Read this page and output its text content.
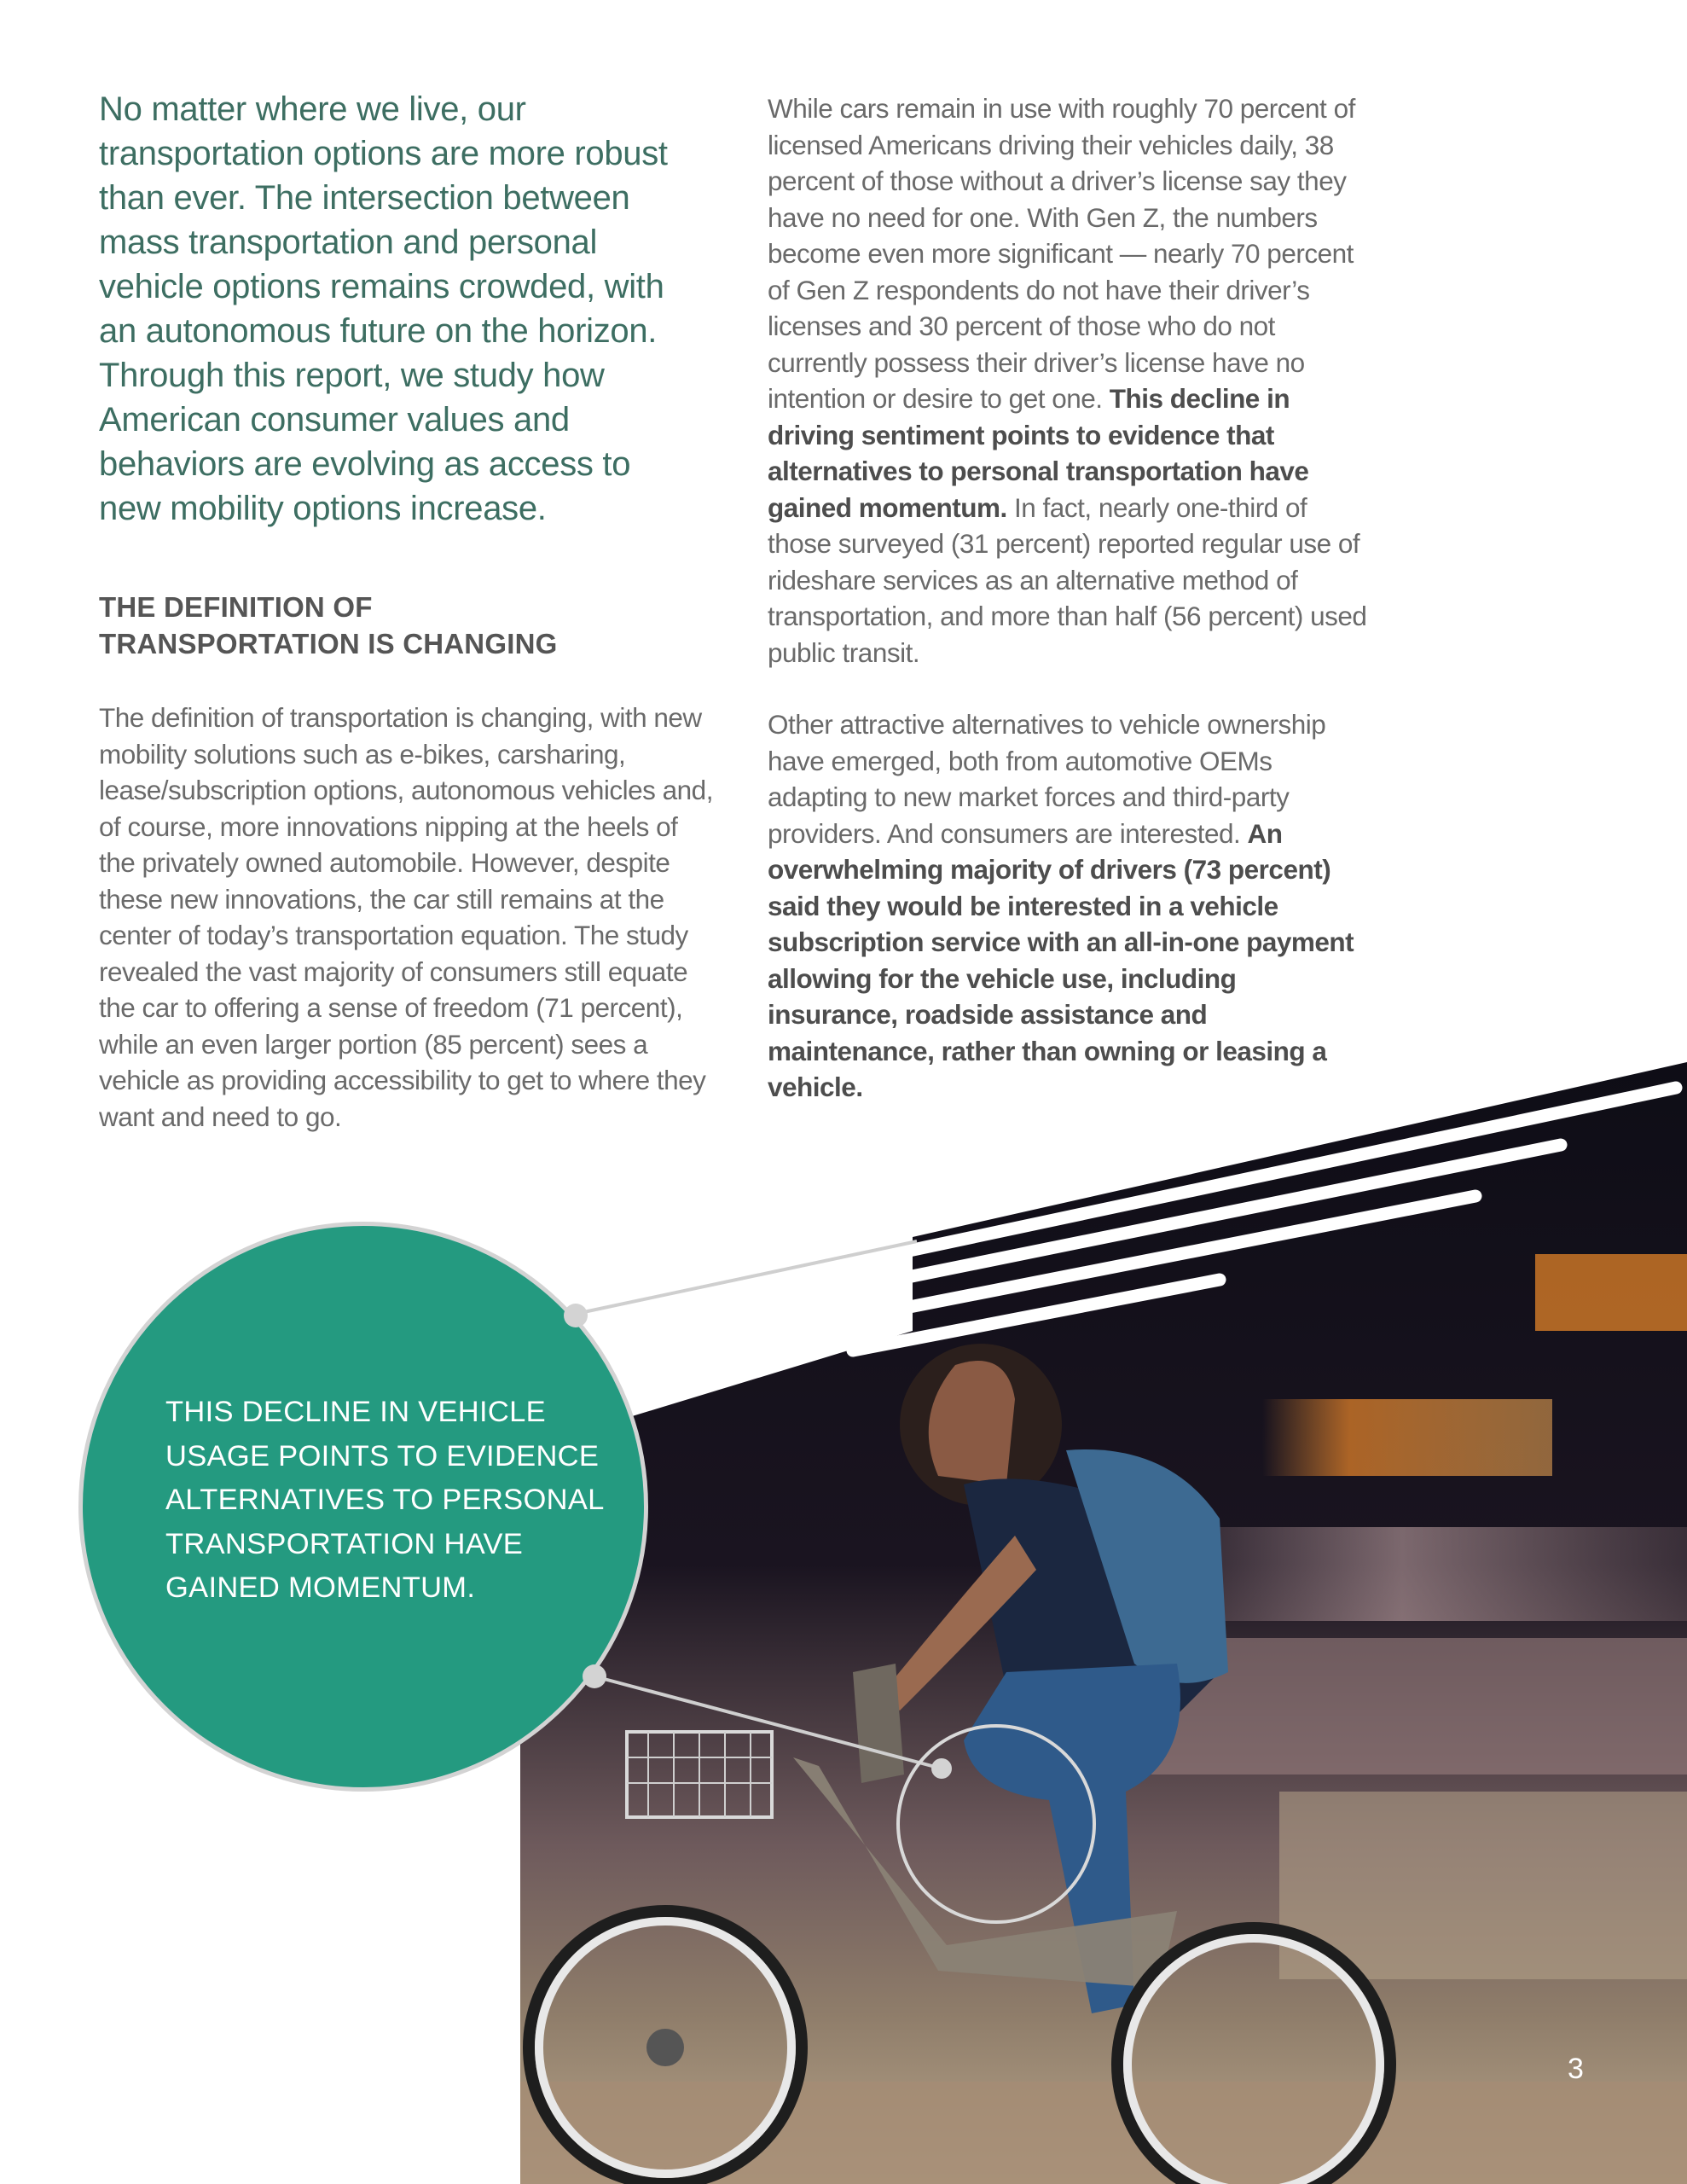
No matter where we live, our transportation options are more robust than ever. The intersection between mass transportation and personal vehicle options remains crowded, with an autonomous future on the horizon. Through this report, we study how American consumer values and behaviors are evolving as access to new mobility options increase.

THE DEFINITION OF
TRANSPORTATION IS CHANGING

The definition of transportation is changing, with new mobility solutions such as e-bikes, carsharing, lease/subscription options, autonomous vehicles and, of course, more innovations nipping at the heels of the privately owned automobile. However, despite these new innovations, the car still remains at the center of today’s transportation equation. The study revealed the vast majority of consumers still equate the car to offering a sense of freedom (71 percent), while an even larger portion (85 percent) sees a vehicle as providing accessibility to get to where they want and need to go.

While cars remain in use with roughly 70 percent of licensed Americans driving their vehicles daily, 38 percent of those without a driver’s license say they have no need for one. With Gen Z, the numbers become even more significant — nearly 70 percent of Gen Z respondents do not have their driver’s licenses and 30 percent of those who do not currently possess their driver’s license have no intention or desire to get one. This decline in driving sentiment points to evidence that alternatives to personal transportation have gained momentum. In fact, nearly one-third of those surveyed (31 percent) reported regular use of rideshare services as an alternative method of transportation, and more than half (56 percent) used public transit.

Other attractive alternatives to vehicle ownership have emerged, both from automotive OEMs adapting to new market forces and third-party providers. And consumers are interested. An overwhelming majority of drivers (73 percent) said they would be interested in a vehicle subscription service with an all-in-one payment allowing for the vehicle use, including insurance, roadside assistance and maintenance, rather than owning or leasing a vehicle.

THIS DECLINE IN VEHICLE
USAGE POINTS TO EVIDENCE
ALTERNATIVES TO PERSONAL
TRANSPORTATION HAVE
GAINED MOMENTUM.

3
